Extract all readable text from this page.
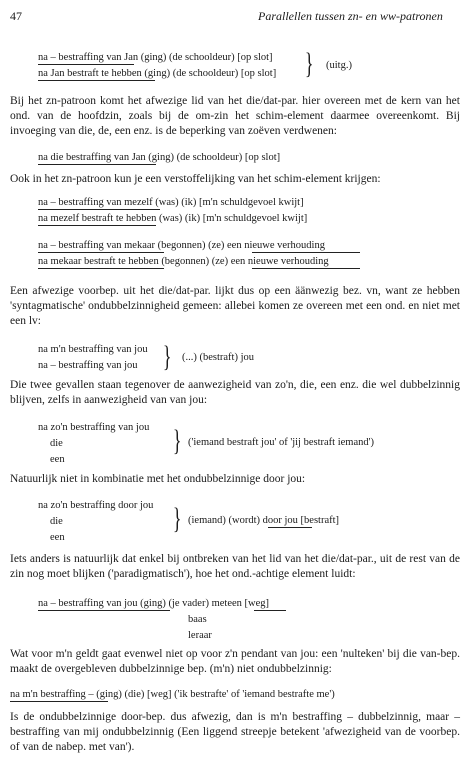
47	Parallellen tussen zn- en ww-patronen
na – bestraffing van Jan (ging) (de schooldeur) [op slot]
na Jan bestraft te hebben (ging) (de schooldeur) [op slot] } (uitg.)
Bij het zn-patroon komt het afwezige lid van het die/dat-par. hier overeen met de kern van het ond. van de hoofdzin, zoals bij de om-zin het schim-element daarmee overeenkomt. Bij invoeging van die, de, een enz. is de beperking van zoëven verdwenen:
na die bestraffing van Jan (ging) (de schooldeur) [op slot]
Ook in het zn-patroon kun je een verstoffelijking van het schim-element krijgen:
na – bestraffing van mezelf (was) (ik) [m'n schuldgevoel kwijt]
na mezelf bestraft te hebben (was) (ik) [m'n schuldgevoel kwijt]
na – bestraffing van mekaar (begonnen) (ze) een nieuwe verhouding
na mekaar bestraft te hebben (begonnen) (ze) een nieuwe verhouding
Een afwezige voorbep. uit het die/dat-par. lijkt dus op een äänwezig bez. vn, want ze hebben 'syntagmatische' ondubbelzinnigheid gemeen: allebei komen ze overeen met een ond. en niet met een lv:
na m'n bestraffing van jou
na – bestraffing van jou } (...) (bestraft) jou
Die twee gevallen staan tegenover de aanwezigheid van zo'n, die, een enz. die wel dubbelzinnig blijven, zelfs in aanwezigheid van van jou:
na zo'n bestraffing van jou
die
een
} ('iemand bestraft jou' of 'jij bestraft iemand')
Natuurlijk niet in kombinatie met het ondubbelzinnige door jou:
na zo'n bestraffing door jou
die
een
} (iemand) (wordt) door jou [bestraft]
Iets anders is natuurlijk dat enkel bij ontbreken van het lid van het die/dat-par., uit de rest van de zin nog moet blijken ('paradigmatisch'), hoe het ond.-achtige element luidt:
na – bestraffing van jou (ging) (je vader) meteen [weg]
baas
leraar
Wat voor m'n geldt gaat evenwel niet op voor z'n pendant van jou: een 'nulteken' bij die van-bep. maakt de overgebleven dubbelzinnige bep. (m'n) niet ondubbelzinnig:
na m'n bestraffing – (ging) (die) [weg] ('ik bestrafte' of 'iemand bestrafte me')
Is de ondubbelzinnige door-bep. dus afwezig, dan is m'n bestraffing – dubbelzinnig, maar – bestraffing van mij ondubbelzinnig (Een liggend streepje betekent 'afwezigheid van de voorbep. of van de nabep. met van').
